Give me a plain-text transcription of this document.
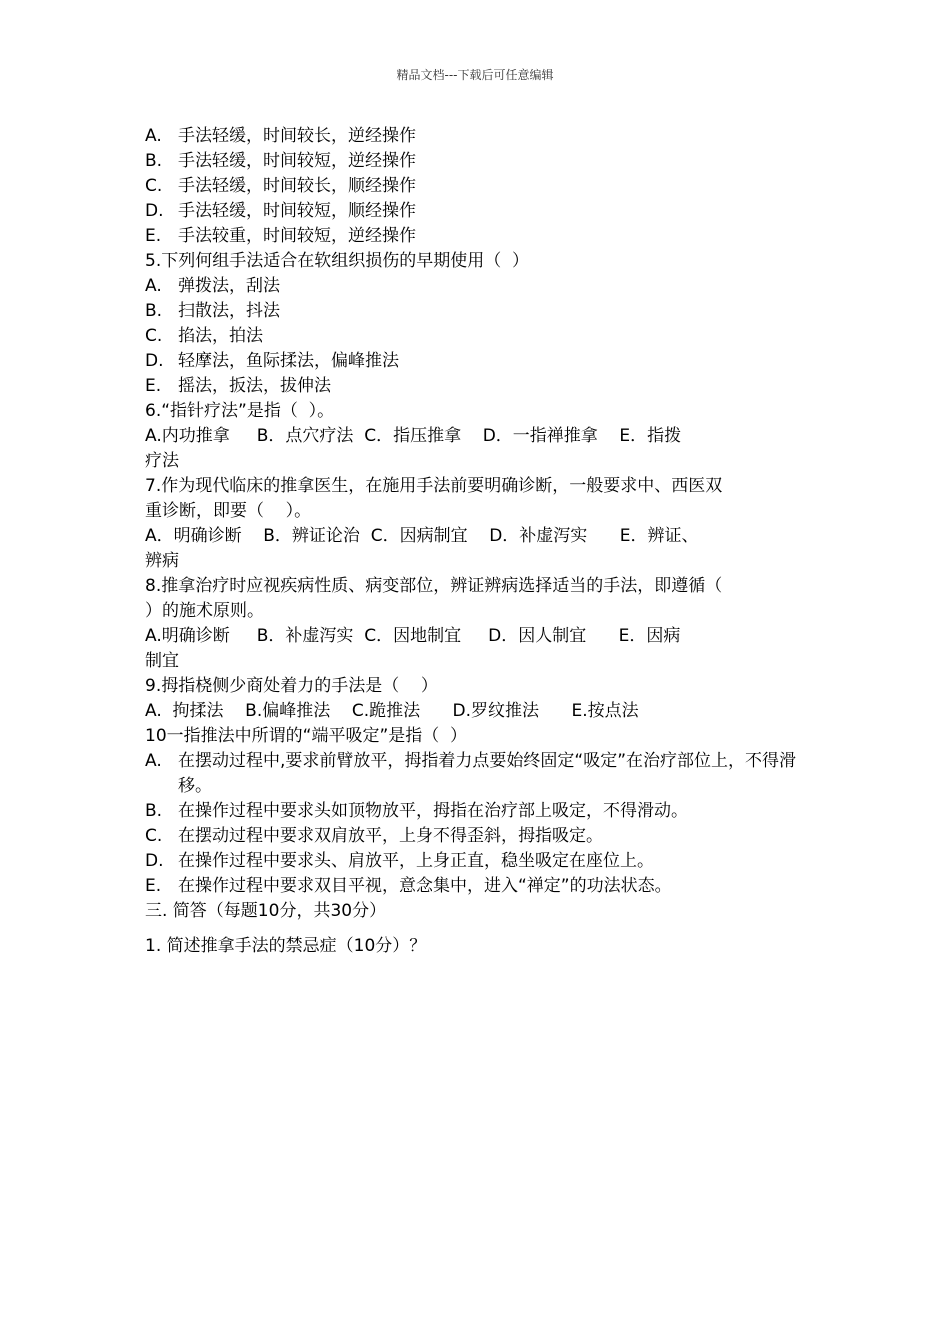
精品文档---下载后可任意编辑
A. 手法轻缓，时间较长，逆经操作
B. 手法轻缓，时间较短，逆经操作
C. 手法轻缓，时间较长，顺经操作
D. 手法轻缓，时间较短，顺经操作
E. 手法较重，时间较短，逆经操作
5.下列何组手法适合在软组织损伤的早期使用（  ）
A. 弹拨法，刮法
B. 扫散法，抖法
C. 掐法，拍法
D. 轻摩法，鱼际揉法，偏峰推法
E. 摇法，扳法，拔伸法
6.“指针疗法”是指（  ）。
A.内功推拿     B．点穴疗法  C．指压推拿    D．一指禅推拿    E．指拨
疗法
7.作为现代临床的推拿医生，在施用手法前要明确诊断，一般要求中、西医双
重诊断，即要（    ）。
A．明确诊断    B．辨证论治  C．因病制宜    D．补虚泻实      E．辨证、
辨病
8.推拿治疗时应视疾病性质、病变部位，辨证辨病选择适当的手法，即遵循（
）的施术原则。
A.明确诊断     B．补虚泻实  C．因地制宜     D．因人制宜      E．因病
制宜
9.拇指桡侧少商处着力的手法是（    ）
A.  拘揉法    B.偏峰推法    C.跪推法      D.罗纹推法      E.按点法
10一指推法中所谓的“端平吸定”是指（  ）
A. 在摆动过程中,要求前臂放平，拇指着力点要始终固定“吸定”在治疗部位上，不得滑移。
B. 在操作过程中要求头如顶物放平，拇指在治疗部上吸定，不得滑动。
C. 在摆动过程中要求双肩放平，上身不得歪斜，拇指吸定。
D. 在操作过程中要求头、肩放平，上身正直，稳坐吸定在座位上。
E. 在操作过程中要求双目平视，意念集中，进入“禅定”的功法状态。
三. 简答（每题10分，共30分）
1. 简述推拿手法的禁忌症（10分）？
